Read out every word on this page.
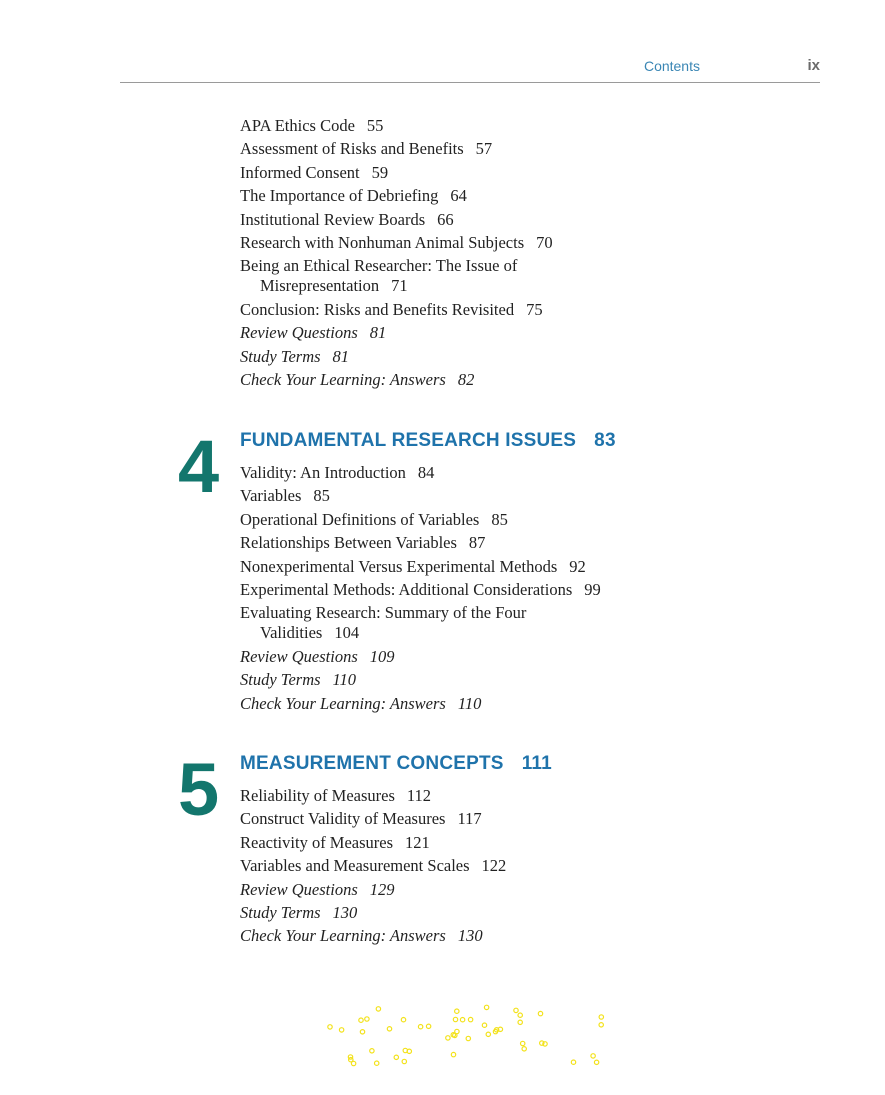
Contents	ix
APA Ethics Code 55
Assessment of Risks and Benefits 57
Informed Consent 59
The Importance of Debriefing 64
Institutional Review Boards 66
Research with Nonhuman Animal Subjects 70
Being an Ethical Researcher: The Issue of
Misrepresentation 71
Conclusion: Risks and Benefits Revisited 75
Review Questions 81
Study Terms 81
Check Your Learning: Answers 82
4 FUNDAMENTAL RESEARCH ISSUES 83
Validity: An Introduction 84
Variables 85
Operational Definitions of Variables 85
Relationships Between Variables 87
Nonexperimental Versus Experimental Methods 92
Experimental Methods: Additional Considerations 99
Evaluating Research: Summary of the Four
Validities 104
Review Questions 109
Study Terms 110
Check Your Learning: Answers 110
5 MEASUREMENT CONCEPTS 111
Reliability of Measures 112
Construct Validity of Measures 117
Reactivity of Measures 121
Variables and Measurement Scales 122
Review Questions 129
Study Terms 130
Check Your Learning: Answers 130
